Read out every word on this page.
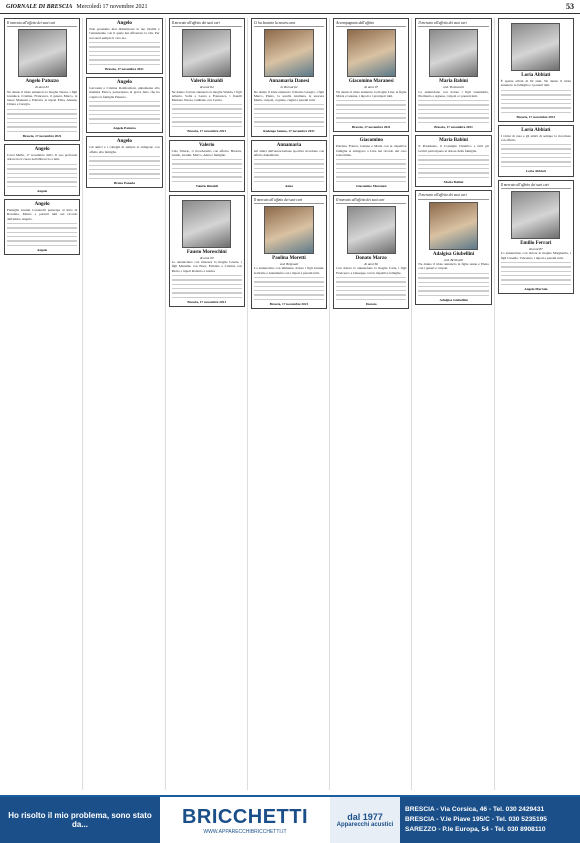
GIORNALE DI BRESCIA Mercoledì 17 novembre 2021	53
Il mercato all'affetto dei suoi cari
Angelo Patuzzo
di anni 81
Ne danno il triste annuncio la moglie Teresa, i figli Gianluca, Cristina, Francesca, il genero Marco, le nuore Manuela e Patrizia, le nipoti Elisa, Alessia, Chiara e Giorgia.
Brescia, 17 novembre 2021
Angelo
Carol Mella, 17 novembre 2021. Il suo profondo dolore ha il cuore nell'abbraccio a tutti.
Angelo
Angelo
Famiglia Gianni Contarelli partecipa al lutto di Rosanna, Mauro e parenti tutti nel ricordo dell'amico Angelo.
Angelo
Angelo
Non possiamo mai dimenticare la tua vitalità e l'entusiasmo con il quale hai affrontato la vita. Per noi sarai sempre il caro zio.
Brescia, 17 novembre 2021
Angelo
Giovanni e Cristina Rombaldoni, unitamente alla mamma Enrica, partecipano al grave lutto che ha colpito la famiglia Patuzzo.
Angelo Patuzzo
Angelo
Gli amici e i colleghi di sempre si stringono con affetto alla famiglia.
Bruno Panada
Il mercato all'affetto dei suoi cari
Valerio Rinaldi
di anni 84
Ne danno il triste annuncio la moglie Wanda, i figli Alberto, Sofia e Laura e Francesca, i fratelli Mariano Teresa, Giuliano con Cesira.
Brescia, 17 novembre 2021
Valerio
Ciao Valerio, ti ricorderemo con affetto. Brescia, Giulio, Gianni, Marco, Anna e famiglie.
Valerio Rinaldi
Fausto Moreschini
di anni 90
Lo annunciano con tristezza la moglie Grazia, i figli Massimo con Enza, Fabrizio e Cristina con Pietro, i nipoti Roberto e Giulia.
Brescia, 17 novembre 2021
Ci ha lasciato la nostra cara
Annamaria Danesi
in Bornarini
Ne danno il triste annuncio il marito Giorgio, i figli Marco, Pietro, la sorella Giuliana, la suocera Maria, i nipoti, cognate, cugini e parenti tutti.
Rodengo Saiano, 17 novembre 2021
Annamaria
Gli amici dell'Associazione sportiva ricordano con affetto Annamaria.
Anna
Il mercato all'affetto dei suoi cari
Paolina Moretti
ved. Brignani
Lo annunciano con immenso dolore i figli Gianni, Gabriele e Annamaria con i nipoti e parenti tutti.
Brescia, 17 novembre 2021
Accompagnato dall'affetto
Giacomino Maranesi
di anni 97
Ne danno il triste annuncio la moglie Lina, le figlie Maria e Gianna, i nipoti e i pronipoti tutti.
Brescia, 17 novembre 2021
Giacomino
Patrizia, Franca, Gianna e Maria con le rispettive famiglie si stringono a Lina nel ricordo del caro Giacomino.
Giacomino Maranesi
Il mercato all'affetto dei suoi cari
Donato Marzo
di anni 82
Con dolore lo annunciano la moglie Carla, i figli Francesco e Giuseppe con le rispettive famiglie.
Donato
Il mercato all'affetto dei suoi cari
Maria Babini
ved. Tiraboschi
La annunciano con dolore i figli Gianmaria, Piermario e Agnese, i nipoti e i parenti tutti.
Brescia, 17 novembre 2021
Maria Babini
Il Presidente, il Consiglio Direttivo e tutti gli iscritti partecipano al dolore della famiglia.
Maria Babini
Il mercato all'affetto dei suoi cari
Adalgisa Giubellini
ved. Bertinelli
Ne danno il triste annuncio le figlie Anna e Elena con i generi e i nipoti.
Adalgisa Giubellini
Loria Abbiati
È spenta all'età di 92 anni. Ne danno il triste annuncio la famiglia e i parenti tutti.
Brescia, 17 novembre 2021
Loria Abbiati
I vicini di casa e gli amici di sempre la ricordano con affetto.
Loria Abbiati
Il mercato all'affetto dei suoi cari
Emilio Ferrari
di anni 87
Lo annunciano con dolore la moglie Margherita, i figli Claudio, Vincenzo, i nipoti e parenti tutti.
Angelo Marrale
Ho risolto il mio problema, sono stato da...	BRICCHETTI
WWW.APPARECCHIBRICCHETTI.IT
dal 1977
Apparecchi acustici
BRESCIA - Via Corsica, 46 - Tel. 030 2429431
BRESCIA - V.le Piave 195/C - Tel. 030 5235195
SAREZZO - P.le Europa, 54 - Tel. 030 8908110
